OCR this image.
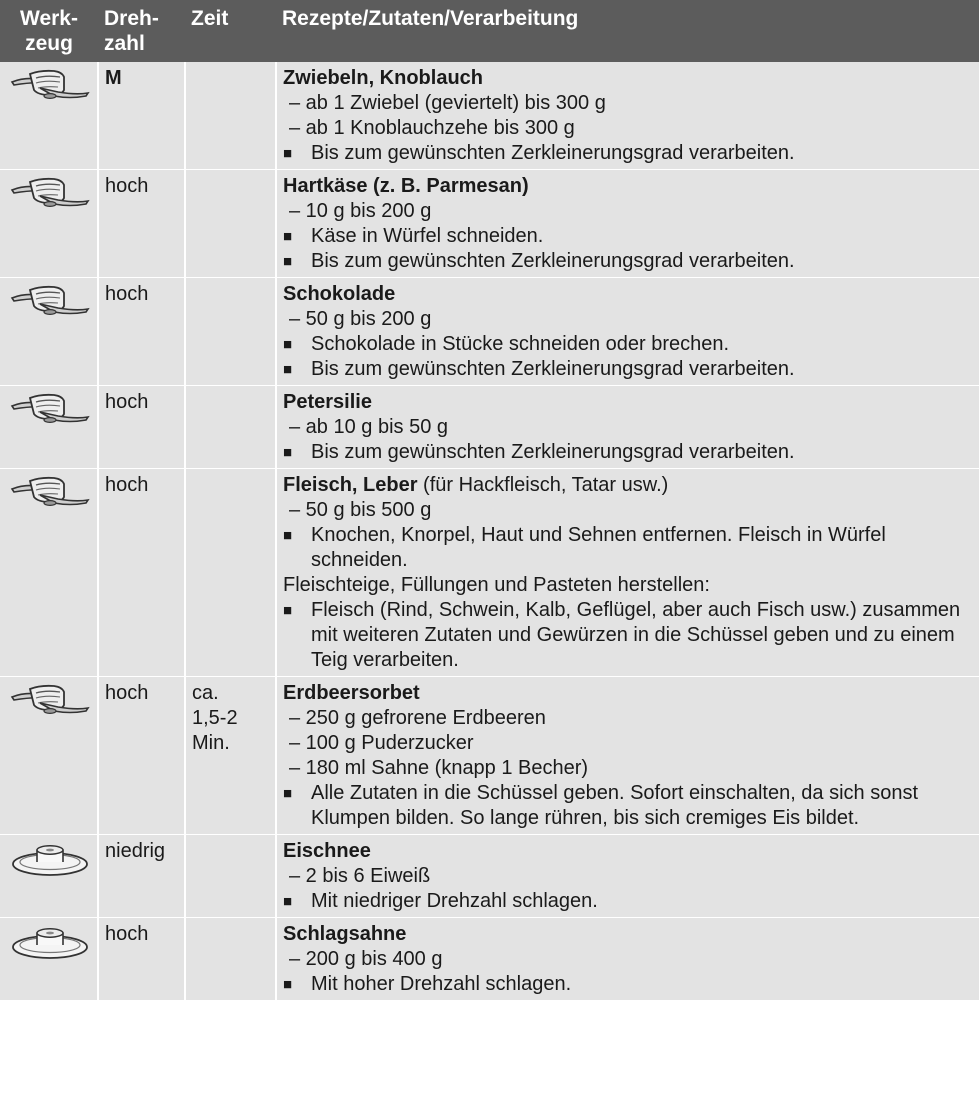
Werk- zeug	Dreh- zahl	Zeit	Rezepte/Zutaten/Verarbeitung

	M		Zwiebeln, Knoblauch
– ab 1 Zwiebel (geviertelt) bis 300 g
– ab 1 Knoblauchzehe bis 300 g
■ Bis zum gewünschten Zerkleinerungsgrad verarbeiten.

	hoch		Hartkäse (z. B. Parmesan)
– 10 g bis 200 g
■ Käse in Würfel schneiden.
■ Bis zum gewünschten Zerkleinerungsgrad verarbeiten.

	hoch		Schokolade
– 50 g bis 200 g
■ Schokolade in Stücke schneiden oder brechen.
■ Bis zum gewünschten Zerkleinerungsgrad verarbeiten.

	hoch		Petersilie
– ab 10 g bis 50 g
■ Bis zum gewünschten Zerkleinerungsgrad verarbeiten.

	hoch		Fleisch, Leber (für Hackfleisch, Tatar usw.)
– 50 g bis 500 g
■ Knochen, Knorpel, Haut und Sehnen entfernen. Fleisch in Würfel schneiden.
Fleischteige, Füllungen und Pasteten herstellen:
■ Fleisch (Rind, Schwein, Kalb, Geflügel, aber auch Fisch usw.) zusammen mit weiteren Zutaten und Gewürzen in die Schüssel geben und zu einem Teig verarbeiten.

	hoch	ca. 1,5-2 Min.	Erdbeersorbet
– 250 g gefrorene Erdbeeren
– 100 g Puderzucker
– 180 ml Sahne (knapp 1 Becher)
■ Alle Zutaten in die Schüssel geben. Sofort einschalten, da sich sonst Klumpen bilden. So lange rühren, bis sich cremiges Eis bildet.

	niedrig		Eischnee
– 2 bis 6 Eiweiß
■ Mit niedriger Drehzahl schlagen.

	hoch		Schlagsahne
– 200 g bis 400 g
■ Mit hoher Drehzahl schlagen.
